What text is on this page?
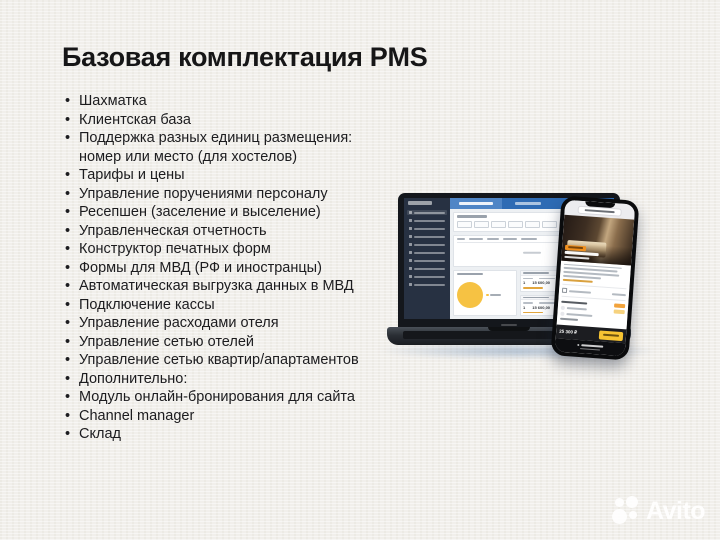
Базовая комплектация PMS
• Шахматка
• Клиентская база
• Поддержка разных единиц размещения: номер или место (для хостелов)
• Тарифы и цены
• Управление поручениями персоналу
• Ресепшен (заселение и выселение)
• Управленческая отчетность
• Конструктор печатных форм
• Формы для МВД (РФ и иностранцы)
• Автоматическая выгрузка данных в МВД
• Подключение кассы
• Управление расходами отеля
• Управление сетью отелей
• Управление сетью квартир/апартаментов
• Дополнительно:
• Модуль онлайн-бронирования для сайта
• Channel manager
• Склад
1 15 600,00
1 15 600,00
25 300 ₽
Avito
